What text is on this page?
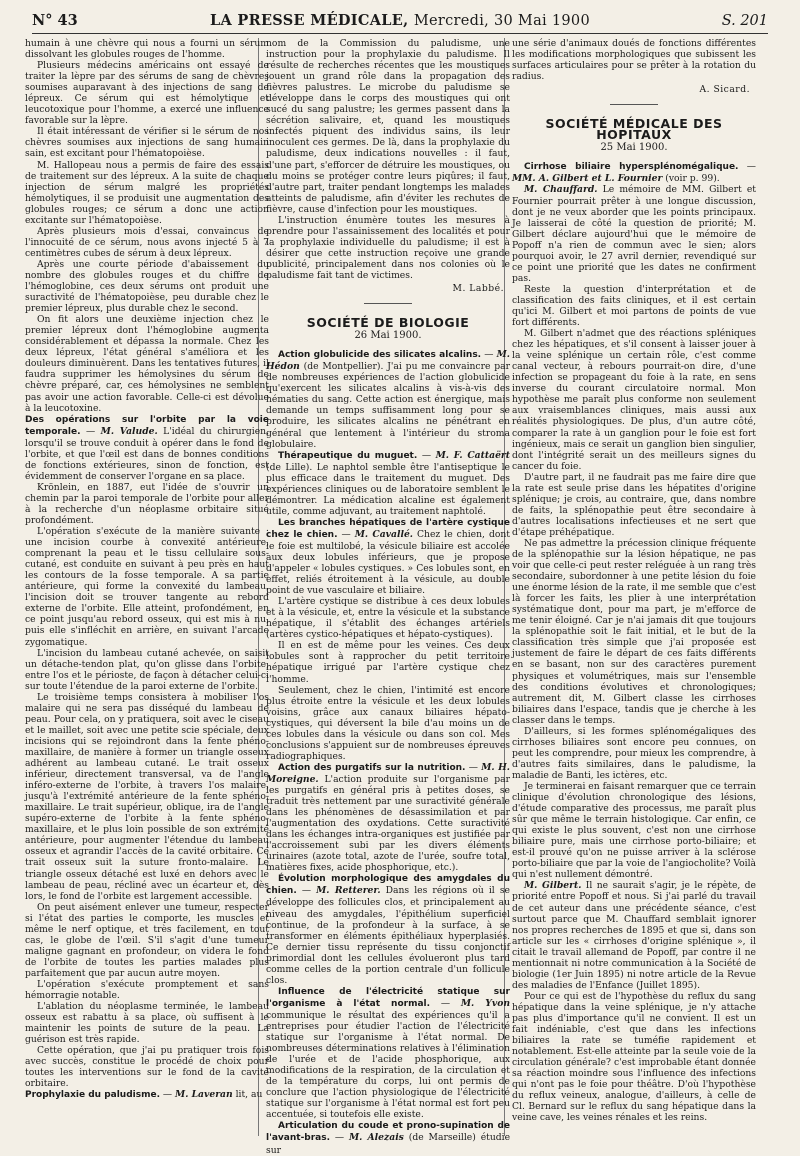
N° 43	LA PRESSE MÉDICALE, Mercredi, 30 Mai 1900	S. 201

humain à une chèvre qui nous a fourni un sérum dissolvant les globules rouges de l'homme.

Plusieurs médecins américains ont essayé de traiter la lèpre par des sérums de sang de chèvres soumises auparavant à des injections de sang de lépreux. Ce sérum qui est hémolytique et leucotoxique pour l'homme, a exercé une influence favorable sur la lèpre.

Il était intéressant de vérifier si le sérum de nos chèvres soumises aux injections de sang humain sain, est excitant pour l'hématopoièse.

M. Hallopeau nous a permis de faire des essais de traitement sur des lépreux. A la suite de chaque injection de sérum malgré les propriétés hémolytiques, il se produisit une augmentation des globules rouges; ce sérum a donc une action excitante sur l'hématopoièse.

Après plusieurs mois d'essai, convaincus de l'innocuité de ce sérum, nous avons injecté 5 à 7 centimètres cubes de sérum à deux lépreux.

Après une courte période d'abaissement du nombre des globules rouges et du chiffre de l'hémoglobine, ces deux sérums ont produit une suractivité de l'hématopoièse, peu durable chez le premier lépreux, plus durable chez le second.

On fit alors une deuxième injection chez le premier lépreux dont l'hémoglobine augmenta considérablement et dépassa la normale. Chez les deux lépreux, l'état général s'améliora et les douleurs diminuèrent. Dans les tentatives futures, il faudra supprimer les hémolysines du sérum de chèvre préparé, car, ces hémolysines ne semblent pas avoir une action favorable. Celle-ci est dévolue à la leucotoxine.

Des opérations sur l'orbite par la voie temporale. — M. Valude. L'idéal du chirurgien, lorsqu'il se trouve conduit à opérer dans le fond de l'orbite, et que l'œil est dans de bonnes conditions de fonctions extérieures, sinon de fonction, est évidemment de conserver l'organe en sa place.

Krönlein, en 1887, eut l'idée de s'ouvrir un chemin par la paroi temporale de l'orbite pour aller à la recherche d'un néoplasme orbitaire situé profondément.

L'opération s'exécute de la manière suivante : une incision courbe à convexité antérieure, comprenant la peau et le tissu cellulaire sous-cutané, est conduite en suivant à peu près en haut les contours de la fosse temporale. A sa partie antérieure, qui forme la convexité du lambeau, l'incision doit se trouver tangente au rebord externe de l'orbite. Elle atteint, profondément, en ce point jusqu'au rebord osseux, qui est mis à nu, puis elle s'infléchit en arrière, en suivant l'arcade zygomatique.

L'incision du lambeau cutané achevée, on saisit un détache-tendon plat, qu'on glisse dans l'orbite, entre l'os et le périoste, de façon à détacher celui-ci sur toute l'étendue de la paroi externe de l'orbite.

Le troisième temps consistera à mobiliser l'os malaire qui ne sera pas disséqué du lambeau de peau. Pour cela, on y pratiquera, soit avec le ciseau et le maillet, soit avec une petite scie spéciale, deux incisions qui se rejoindront dans la fente phéno-maxillaire, de manière à former un triangle osseux adhérent au lambeau cutané. Le trait osseux inférieur, directement transversal, va de l'angle inféro-externe de l'orbite, à travers l'os malaire, jusqu'à l'extrémité antérieure de la fente sphéno-maxillaire. Le trait supérieur, oblique, ira de l'angle supéro-externe de l'orbite à la fente sphéno-maxillaire, et le plus loin possible de son extrémité antérieure, pour augmenter l'étendue du lambeau osseux et agrandir l'accès de la cavité orbitaire. Ce trait osseux suit la suture fronto-malaire. Le triangle osseux détaché est luxé en dehors avec le lambeau de peau, récliné avec un écarteur et, dès lors, le fond de l'orbite est largement accessible.

On peut aisément enlever une tumeur, respecter si l'état des parties le comporte, les muscles et même le nerf optique, et très facilement, en tout cas, le globe de l'œil. S'il s'agit d'une tumeur maligne gagnant en profondeur, on videra le fond de l'orbite de toutes les parties malades plus parfaitement que par aucun autre moyen.

L'opération s'exécute promptement et sans hémorragie notable.

L'ablation du néoplasme terminée, le lambeau osseux est rabattu à sa place, où suffisent à le maintenir les points de suture de la peau. La guérison est très rapide.

Cette opération, que j'ai pu pratiquer trois fois avec succès, constitue le procédé de choix pour toutes les interventions sur le fond de la cavité orbitaire.

Prophylaxie du paludisme. — M. Laveran lit, au

nom de la Commission du paludisme, une instruction pour la prophylaxie du paludisme. Il résulte de recherches récentes que les moustiques jouent un grand rôle dans la propagation des fièvres palustres. Le microbe du paludisme se développe dans le corps des moustiques qui ont sucé du sang palustre; les germes passent dans la sécrétion salivaire, et, quand les moustiques infectés piquent des individus sains, ils leur inoculent ces germes. De là, dans la prophylaxie du paludisme, deux indications nouvelles : il faut, d'une part, s'efforcer de détruire les moustiques, ou du moins se protéger contre leurs piqûres; il faut, d'autre part, traiter pendant longtemps les malades atteints de paludisme, afin d'éviter les rechutes de fièvre, cause d'infection pour les moustiques.

L'instruction énumère toutes les mesures à prendre pour l'assainissement des localités et pour la prophylaxie individuelle du paludisme; il est à désirer que cette instruction reçoive une grande publicité, principalement dans nos colonies où le paludisme fait tant de victimes.

M. Labbé.
SOCIÉTÉ DE BIOLOGIE
26 Mai 1900.

Action globulicide des silicates alcalins. — M. Hédon (de Montpellier). J'ai pu me convaincre par de nombreuses expériences de l'action globulicide qu'exercent les silicates alcalins à vis-à-vis des hématies du sang. Cette action est énergique, mais demande un temps suffisamment long pour se produire, les silicates alcalins ne pénétrant en général que lentement à l'intérieur du stroma globulaire.

Thérapeutique du muguet. — M. F. Cattaërt (de Lille). Le naphtol semble être l'antiseptique le plus efficace dans le traitement du muguet. Des expériences cliniques ou de laboratoire semblent le démontrer. La médication alcaline est également utile, comme adjuvant, au traitement naphtolé.

Les branches hépatiques de l'artère cystique chez le chien. — M. Cavallé. Chez le chien, dont le foie est multilobé, la vésicule biliaire est accolée aux deux lobules inférieurs, que je propose d'appeler « lobules cystiques. » Ces lobules sont, en effet, reliés étroitement à la vésicule, au double point de vue vasculaire et biliaire.

L'artère cystique se distribue à ces deux lobules et à la vésicule, et, entre la vésicule et la substance hépatique, il s'établit des échanges artériels (artères cystico-hépatiques et hépato-cystiques).

Il en est de même pour les veines. Ces deux lobules sont à rapprocher du petit territoire hépatique irrigué par l'artère cystique chez l'homme.

Seulement, chez le chien, l'intimité est encore plus étroite entre la vésicule et les deux lobules voisins, grâce aux canaux biliaires hépato-cystiques, qui déversent la bile d'au moins un de ces lobules dans la vésicule ou dans son col. Mes conclusions s'appuient sur de nombreuses épreuves radiographiques.

Action des purgatifs sur la nutrition. — M. H. Moreigne. L'action produite sur l'organisme par les purgatifs en général pris à petites doses, se traduit très nettement par une suractivité générale dans les phénomènes de désassimilation et par l'augmentation des oxydations. Cette suractivité dans les échanges intra-organiques est justifiée par l'accroissement subi par les divers éléments urinaires (azote total, azote de l'urée, soufre total, matières fixes, acide phosphorique, etc.).

Évolution morphologique des amygdales du chien. — M. Retterer. Dans les régions où il se développe des follicules clos, et principalement au niveau des amygdales, l'épithélium superficiel continue, de la profondeur à la surface, à se transformer en éléments épithéliaux hyperplasiés. Ce dernier tissu représente du tissu conjonctif primordial dont les cellules évolueront plus tard comme celles de la portion centrale d'un follicule clos.

Influence de l'électricité statique sur l'organisme à l'état normal. — M. Yvon communique le résultat des expériences qu'il a entreprises pour étudier l'action de l'électricité statique sur l'organisme à l'état normal. De nombreuses déterminations relatives à l'élimination de l'urée et de l'acide phosphorique, aux modifications de la respiration, de la circulation et de la température du corps, lui ont permis de conclure que l'action physiologique de l'électricité statique sur l'organisme à l'état normal est fort peu accentuée, si toutefois elle existe.

Articulation du coude et prono-supination de l'avant-bras. — M. Alezais (de Marseille) étudie sur

une série d'animaux doués de fonctions différentes les modifications morphologiques que subissent les surfaces articulaires pour se prêter à la rotation du radius.

A. Sicard.
SOCIÉTÉ MÉDICALE DES HOPITAUX
25 Mai 1900.

Cirrhose biliaire hypersplénomégalique. — MM. A. Gilbert et L. Fournier (voir p. 99).

M. Chauffard. Le mémoire de MM. Gilbert et Fournier pourrait prêter à une longue discussion, dont je ne veux aborder que les points principaux. Je laisserai de côté la question de priorité; M. Gilbert déclare aujourd'hui que le mémoire de Popoff n'a rien de commun avec le sien; alors pourquoi avoir, le 27 avril dernier, revendiqué sur ce point une priorité que les dates ne confirment pas.

Reste la question d'interprétation et de classification des faits cliniques, et il est certain qu'ici M. Gilbert et moi partons de points de vue fort différents.

M. Gilbert n'admet que des réactions spléniques chez les hépatiques, et s'il consent à laisser jouer à la veine splénique un certain rôle, c'est comme canal vecteur, à rebours pourrait-on dire, d'une infection se propageant du foie à la rate, en sens inverse du courant circulatoire normal. Mon hypothèse me paraît plus conforme non seulement aux vraisemblances cliniques, mais aussi aux réalités physiologiques. De plus, d'un autre côté, comparer la rate à un ganglion pour le foie est fort ingénieux, mais ce serait un ganglion bien singulier, dont l'intégrité serait un des meilleurs signes du cancer du foie.

D'autre part, il ne faudrait pas me faire dire que la rate est seule prise dans les hépatites d'origine splénique; je crois, au contraire, que, dans nombre de faits, la splénopathie peut être secondaire à d'autres localisations infectieuses et ne sert que d'étape préhépatique.

Ne pas admettre la précession clinique fréquente de la splénopathie sur la lésion hépatique, ne pas voir que celle-ci peut rester reléguée à un rang très secondaire, subordonner à une petite lésion du foie une énorme lésion de la rate, il me semble que c'est là forcer les faits, les plier à une interprétation systématique dont, pour ma part, je m'efforce de me tenir éloigné. Car je n'ai jamais dit que toujours la splénopathie soit le fait initial, et le but de la classification très simple que j'ai proposée est justement de faire le départ de ces faits différents en se basant, non sur des caractères purement physiques et volumétriques, mais sur l'ensemble des conditions évolutives et chronologiques; autrement dit, M. Gilbert classe les cirrhoses biliaires dans l'espace, tandis que je cherche à les classer dans le temps.

D'ailleurs, si les formes splénomégaliques des cirrhoses biliaires sont encore peu connues, on peut les comprendre, pour mieux les comprendre, à d'autres faits similaires, dans le paludisme, la maladie de Banti, les ictères, etc.

Je terminerai en faisant remarquer que ce terrain clinique d'évolution chronologique des lésions, d'étude comparative des processus, me paraît plus sûr que même le terrain histologique. Car enfin, ce qui existe le plus souvent, c'est non une cirrhose biliaire pure, mais une cirrhose porto-biliaire; et est-il prouvé qu'on ne puisse arriver à la sclérose porto-biliaire que par la voie de l'angiocholite? Voilà qui n'est nullement démontré.

M. Gilbert. Il ne saurait s'agir, je le répète, de priorité entre Popoff et nous. Si j'ai parlé du travail de cet auteur dans une précédente séance, c'est surtout parce que M. Chauffard semblait ignorer nos propres recherches de 1895 et que si, dans son article sur les « cirrhoses d'origine splénique », il citait le travail allemand de Popoff, par contre il ne mentionnait ni notre communication à la Société de biologie (1er Juin 1895) ni notre article de la Revue des maladies de l'Enfance (Juillet 1895).

Pour ce qui est de l'hypothèse du reflux du sang hépatique dans la veine splénique, je n'y attache pas plus d'importance qu'il ne convient. Il est un fait indéniable, c'est que dans les infections biliaires la rate se tuméfie rapidement et notablement. Est-elle atteinte par la seule voie de la circulation générale? c'est improbable étant donnée sa réaction moindre sous l'influence des infections qui n'ont pas le foie pour théâtre. D'où l'hypothèse du reflux veineux, analogue, d'ailleurs, à celle de Cl. Bernard sur le reflux du sang hépatique dans la veine cave, les veines rénales et les reins.
